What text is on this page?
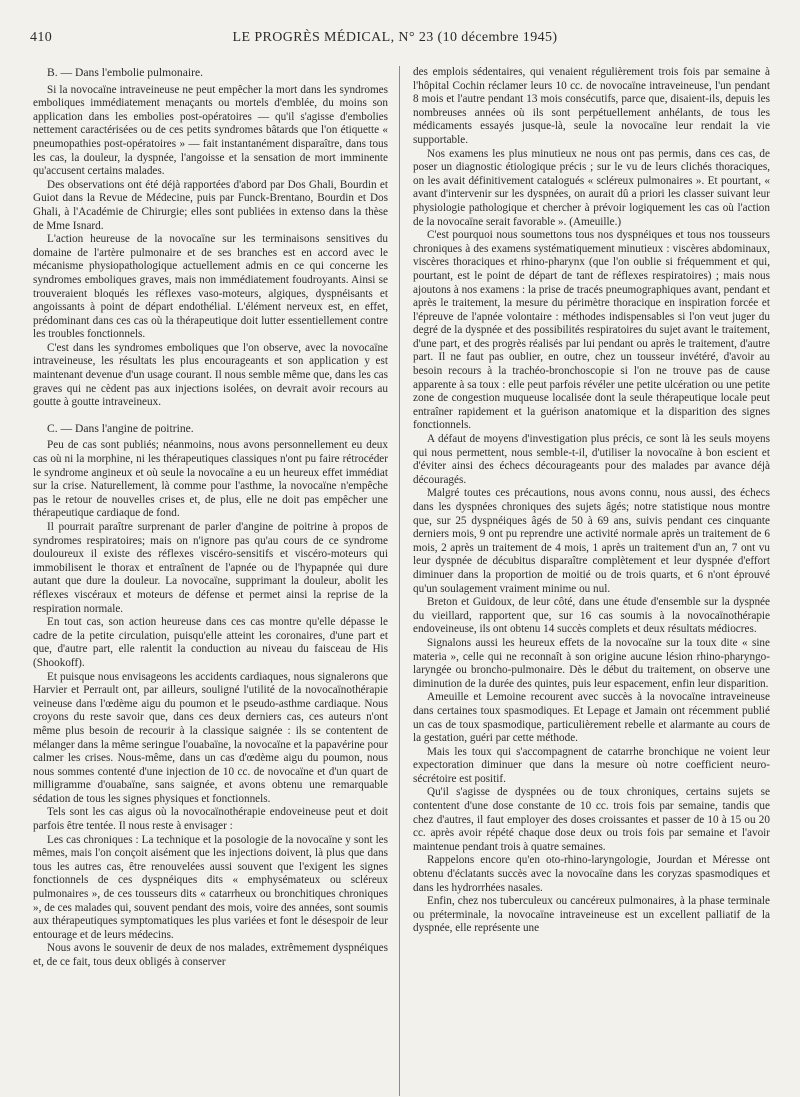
410	LE PROGRÈS MÉDICAL, N° 23 (10 décembre 1945)
B. — Dans l'embolie pulmonaire.

Si la novocaïne intraveineuse ne peut empêcher la mort dans les syndromes emboliques immédiatement menaçants ou mortels d'emblée, du moins son application dans les embolies post-opératoires — qu'il s'agisse d'embolies nettement caractérisées ou de ces petits syndromes bâtards que l'on étiquette « pneumopathies post-opératoires » — fait instantanément disparaître, dans tous les cas, la douleur, la dyspnée, l'angoisse et la sensation de mort imminente qu'accusent certains malades.

Des observations ont été déjà rapportées d'abord par Dos Ghali, Bourdin et Guiot dans la Revue de Médecine, puis par Funck-Brentano, Bourdin et Dos Ghali, à l'Académie de Chirurgie; elles sont publiées in extenso dans la thèse de Mme Isnard.

L'action heureuse de la novocaïne sur les terminaisons sensitives du domaine de l'artère pulmonaire et de ses branches est en accord avec le mécanisme physiopathologique actuellement admis en ce qui concerne les syndromes emboliques graves, mais non immédiatement foudroyants. Ainsi se trouveraient bloqués les réflexes vaso-moteurs, algiques, dyspnéisants et angoissants à point de départ endothélial. L'élément nerveux est, en effet, prédominant dans ces cas où la thérapeutique doit lutter essentiellement contre les troubles fonctionnels.

C'est dans les syndromes emboliques que l'on observe, avec la novocaïne intraveineuse, les résultats les plus encourageants et son application y est maintenant devenue d'un usage courant. Il nous semble même que, dans les cas graves qui ne cèdent pas aux injections isolées, on devrait avoir recours au goutte à goutte intraveineux.

C. — Dans l'angine de poitrine.

Peu de cas sont publiés; néanmoins, nous avons personnellement eu deux cas où ni la morphine, ni les thérapeutiques classiques n'ont pu faire rétrocéder le syndrome angineux et où seule la novocaïne a eu un heureux effet immédiat sur la crise. Naturellement, là comme pour l'asthme, la novocaïne n'empêche pas le retour de nouvelles crises et, de plus, elle ne doit pas empêcher une thérapeutique cardiaque de fond.

Il pourrait paraître surprenant de parler d'angine de poitrine à propos de syndromes respiratoires; mais on n'ignore pas qu'au cours de ce syndrome douloureux il existe des réflexes viscéro-sensitifs et viscéro-moteurs qui immobilisent le thorax et entraînent de l'apnée ou de l'hypapnée qui dure autant que dure la douleur. La novocaïne, supprimant la douleur, abolit les réflexes viscéraux et moteurs de défense et permet ainsi la reprise de la respiration normale.

En tout cas, son action heureuse dans ces cas montre qu'elle dépasse le cadre de la petite circulation, puisqu'elle atteint les coronaires, d'une part et que, d'autre part, elle ralentit la conduction au niveau du faisceau de His (Shookoff).

Et puisque nous envisageons les accidents cardiaques, nous signalerons que Harvier et Perrault ont, par ailleurs, souligné l'utilité de la novocaïnothérapie veineuse dans l'œdème aigu du poumon et le pseudo-asthme cardiaque. Nous croyons du reste savoir que, dans ces deux derniers cas, ces auteurs n'ont même plus besoin de recourir à la classique saignée : ils se contentent de mélanger dans la même seringue l'ouabaïne, la novocaïne et la papavérine pour calmer les crises. Nous-même, dans un cas d'œdème aigu du poumon, nous nous sommes contenté d'une injection de 10 cc. de novocaïne et d'un quart de milligramme d'ouabaïne, sans saignée, et avons obtenu une remarquable sédation de tous les signes physiques et fonctionnels.

Tels sont les cas aigus où la novocaïnothérapie endoveineuse peut et doit parfois être tentée. Il nous reste à envisager :

Les cas chroniques : La technique et la posologie de la novocaïne y sont les mêmes, mais l'on conçoit aisément que les injections doivent, là plus que dans tous les autres cas, être renouvelées aussi souvent que l'exigent les signes fonctionnels de ces dyspnéiques dits « emphysémateux ou scléreux pulmonaires », de ces tousseurs dits « catarrheux ou bronchitiques chroniques », de ces malades qui, souvent pendant des mois, voire des années, sont soumis aux thérapeutiques symptomatiques les plus variées et font le désespoir de leur entourage et de leurs médecins.

Nous avons le souvenir de deux de nos malades, extrêmement dyspnéiques et, de ce fait, tous deux obligés à conserver

des emplois sédentaires, qui venaient régulièrement trois fois par semaine à l'hôpital Cochin réclamer leurs 10 cc. de novocaïne intraveineuse, l'un pendant 8 mois et l'autre pendant 13 mois consécutifs, parce que, disaient-ils, depuis les nombreuses années où ils sont perpétuellement anhélants, de tous les médicaments essayés jusque-là, seule la novocaïne leur rendait la vie supportable.

Nos examens les plus minutieux ne nous ont pas permis, dans ces cas, de poser un diagnostic étiologique précis ; sur le vu de leurs clichés thoraciques, on les avait définitivement catalogués « scléreux pulmonaires ». Et pourtant, « avant d'intervenir sur les dyspnées, on aurait dû a priori les classer suivant leur physiologie pathologique et chercher à prévoir logiquement les cas où l'action de la novocaïne serait favorable ». (Ameuille.)

C'est pourquoi nous soumettons tous nos dyspnéiques et tous nos tousseurs chroniques à des examens systématiquement minutieux : viscères abdominaux, viscères thoraciques et rhino-pharynx (que l'on oublie si fréquemment et qui, pourtant, est le point de départ de tant de réflexes respiratoires) ; mais nous ajoutons à nos examens : la prise de tracés pneumographiques avant, pendant et après le traitement, la mesure du périmètre thoracique en inspiration forcée et l'épreuve de l'apnée volontaire : méthodes indispensables si l'on veut juger du degré de la dyspnée et des possibilités respiratoires du sujet avant le traitement, d'une part, et des progrès réalisés par lui pendant ou après le traitement, d'autre part. Il ne faut pas oublier, en outre, chez un tousseur invétéré, d'avoir au besoin recours à la trachéo-bronchoscopie si l'on ne trouve pas de cause apparente à sa toux : elle peut parfois révéler une petite ulcération ou une petite zone de congestion muqueuse localisée dont la seule thérapeutique locale peut entraîner rapidement et la guérison anatomique et la disparition des signes fonctionnels.

A défaut de moyens d'investigation plus précis, ce sont là les seuls moyens qui nous permettent, nous semble-t-il, d'utiliser la novocaïne à bon escient et d'éviter ainsi des échecs décourageants pour des malades par avance déjà découragés.

Malgré toutes ces précautions, nous avons connu, nous aussi, des échecs dans les dyspnées chroniques des sujets âgés; notre statistique nous montre que, sur 25 dyspnéiques âgés de 50 à 69 ans, suivis pendant ces cinquante derniers mois, 9 ont pu reprendre une activité normale après un traitement de 6 mois, 2 après un traitement de 4 mois, 1 après un traitement d'un an, 7 ont vu leur dyspnée de décubitus disparaître complètement et leur dyspnée d'effort diminuer dans la proportion de moitié ou de trois quarts, et 6 n'ont éprouvé qu'un soulagement vraiment minime ou nul.

Breton et Guidoux, de leur côté, dans une étude d'ensemble sur la dyspnée du vieillard, rapportent que, sur 16 cas soumis à la novocaïnothérapie endoveineuse, ils ont obtenu 14 succès complets et deux résultats médiocres.

Signalons aussi les heureux effets de la novocaïne sur la toux dite « sine materia », celle qui ne reconnaît à son origine aucune lésion rhino-pharyngo-laryngée ou broncho-pulmonaire. Dès le début du traitement, on observe une diminution de la durée des quintes, puis leur espacement, enfin leur disparition.

Ameuille et Lemoine recourent avec succès à la novocaïne intraveineuse dans certaines toux spasmodiques. Et Lepage et Jamain ont récemment publié un cas de toux spasmodique, particulièrement rebelle et alarmante au cours de la gestation, guéri par cette méthode.

Mais les toux qui s'accompagnent de catarrhe bronchique ne voient leur expectoration diminuer que dans la mesure où notre coefficient neuro-sécrétoire est positif.

Qu'il s'agisse de dyspnées ou de toux chroniques, certains sujets se contentent d'une dose constante de 10 cc. trois fois par semaine, tandis que chez d'autres, il faut employer des doses croissantes et passer de 10 à 15 ou 20 cc. après avoir répété chaque dose deux ou trois fois par semaine et l'avoir maintenue pendant trois à quatre semaines.

Rappelons encore qu'en oto-rhino-laryngologie, Jourdan et Méresse ont obtenu d'éclatants succès avec la novocaïne dans les coryzas spasmodiques et dans les hydrorrhées nasales.

Enfin, chez nos tuberculeux ou cancéreux pulmonaires, à la phase terminale ou préterminale, la novocaïne intraveineuse est un excellent palliatif de la dyspnée, elle représente une
